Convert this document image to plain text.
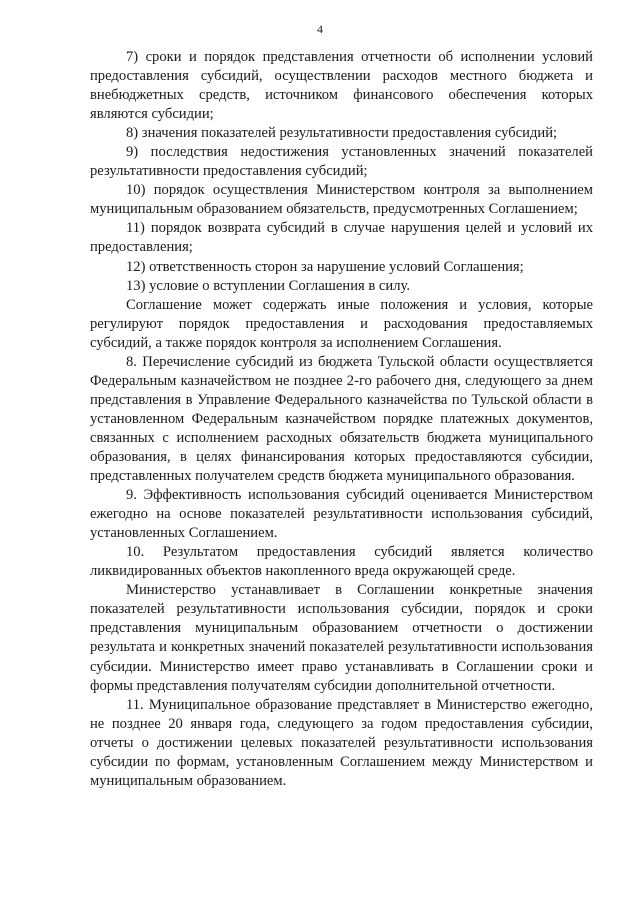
4

7) сроки и порядок представления отчетности об исполнении условий предоставления субсидий, осуществлении расходов местного бюджета и внебюджетных средств, источником финансового обеспечения которых являются субсидии;

8) значения показателей результативности предоставления субсидий;

9) последствия недостижения установленных значений показателей результативности предоставления субсидий;

10) порядок осуществления Министерством контроля за выполнением муниципальным образованием обязательств, предусмотренных Соглашением;

11) порядок возврата субсидий в случае нарушения целей и условий их предоставления;

12) ответственность сторон за нарушение условий Соглашения;

13) условие о вступлении Соглашения в силу.

Соглашение может содержать иные положения и условия, которые регулируют порядок предоставления и расходования предоставляемых субсидий, а также порядок контроля за исполнением Соглашения.

8. Перечисление субсидий из бюджета Тульской области осуществляется Федеральным казначейством не позднее 2-го рабочего дня, следующего за днем представления в Управление Федерального казначейства по Тульской области в установленном Федеральным казначейством порядке платежных документов, связанных с исполнением расходных обязательств бюджета муниципального образования, в целях финансирования которых предоставляются субсидии, представленных получателем средств бюджета муниципального образования.

9. Эффективность использования субсидий оценивается Министерством ежегодно на основе показателей результативности использования субсидий, установленных Соглашением.

10. Результатом предоставления субсидий является количество ликвидированных объектов накопленного вреда окружающей среде.

Министерство устанавливает в Соглашении конкретные значения показателей результативности использования субсидии, порядок и сроки представления муниципальным образованием отчетности о достижении результата и конкретных значений показателей результативности использования субсидии. Министерство имеет право устанавливать в Соглашении сроки и формы представления получателям субсидии дополнительной отчетности.

11. Муниципальное образование представляет в Министерство ежегодно, не позднее 20 января года, следующего за годом предоставления субсидии, отчеты о достижении целевых показателей результативности использования субсидии по формам, установленным Соглашением между Министерством и муниципальным образованием.
